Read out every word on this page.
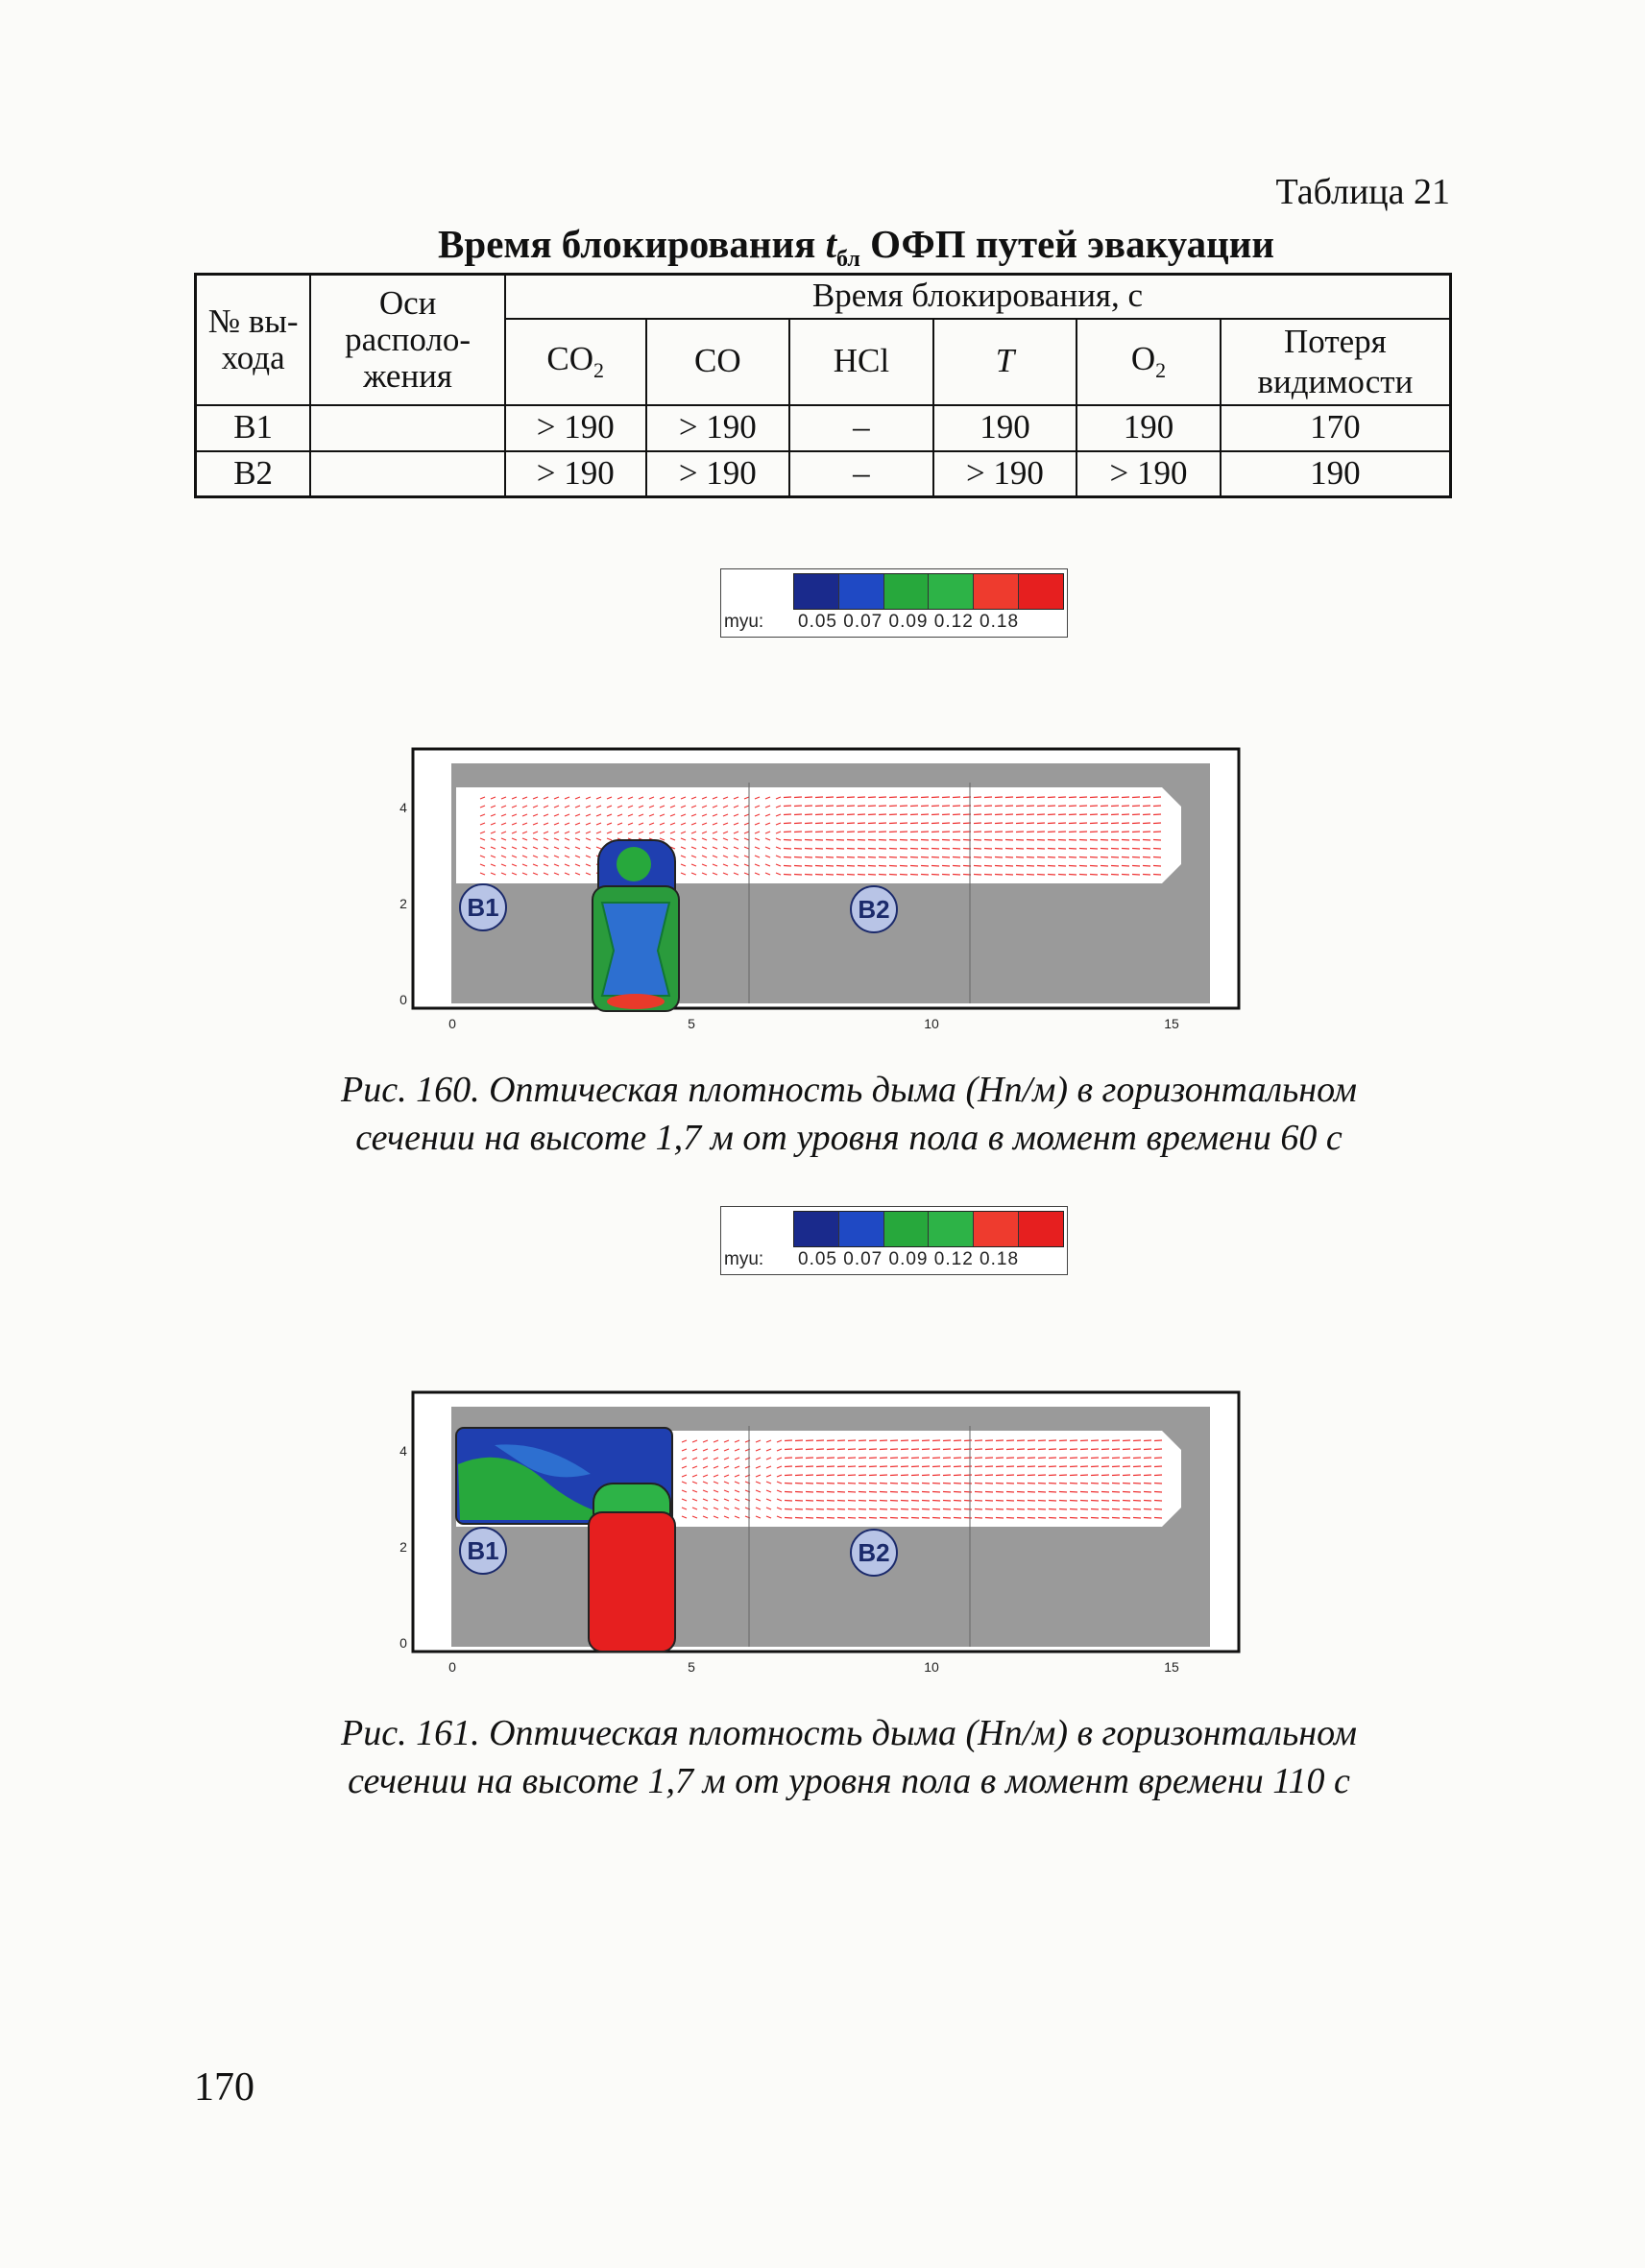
Таблица 21
Время блокирования $t_{бл}$ ОФП путей эвакуации
№ вы-хода	Оси располо-жения	Время блокирования, с					
		$CO_2$	CO	HCl	T	$O_2$	Потеря видимости
В1		> 190	> 190	–	190	190	170
В2		> 190	> 190	–	> 190	> 190	190
myu: 0.05 0.07 0.09 0.12 0.18
B1	B2
0	5	10	15
0
2
4
Рис. 160. Оптическая плотность дыма (Нп/м) в горизонтальном
сечении на высоте 1,7 м от уровня пола в момент времени 60 с
myu: 0.05 0.07 0.09 0.12 0.18
B1	B2
0	5	10	15
0
2
4
Рис. 161. Оптическая плотность дыма (Нп/м) в горизонтальном
сечении на высоте 1,7 м от уровня пола в момент времени 110 с
170
